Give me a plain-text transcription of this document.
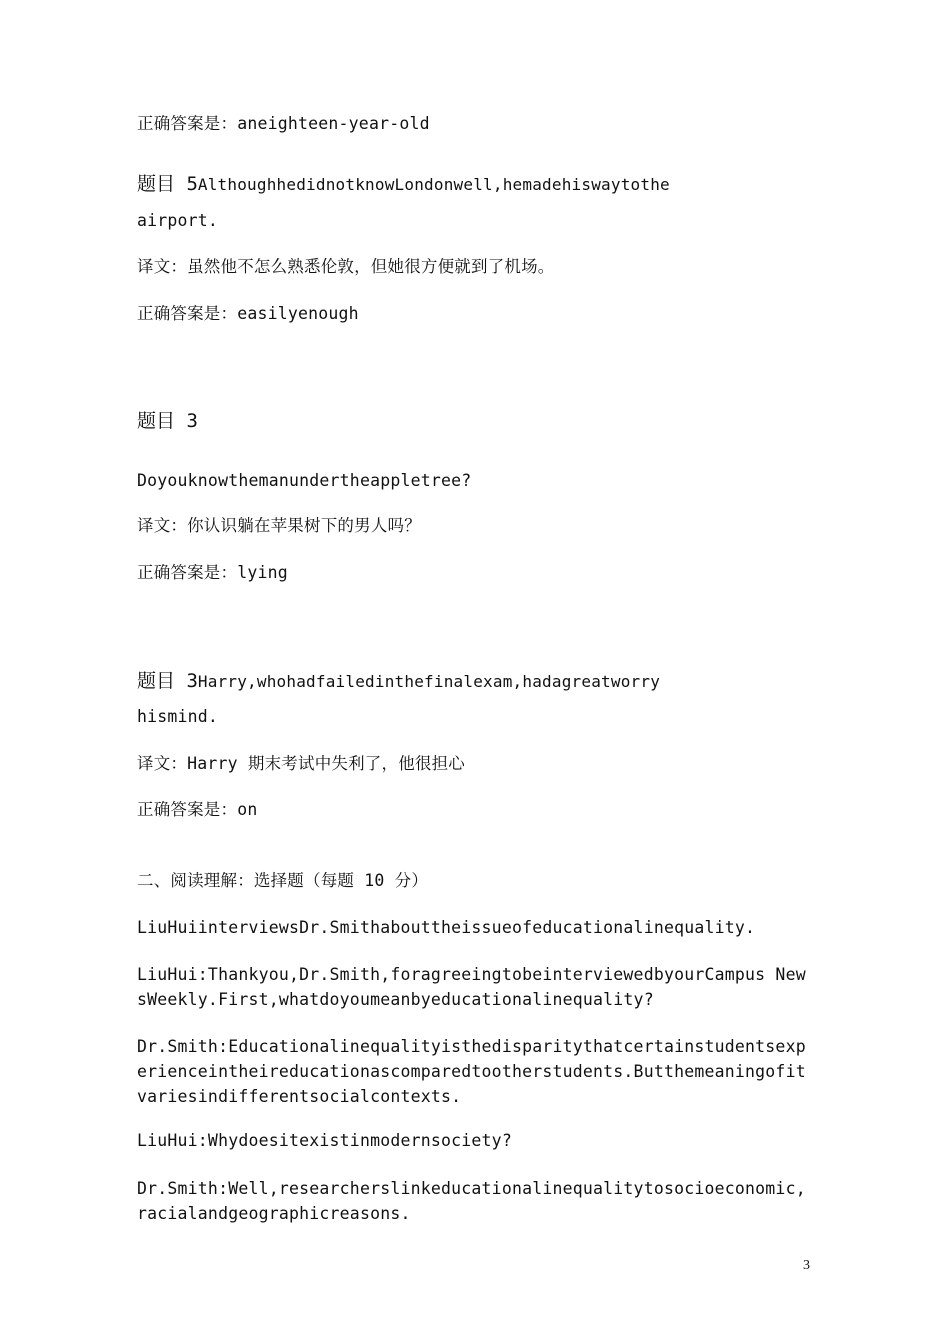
正确答案是：aneighteen-year-old

题目 5AlthoughhedidnotknowLondonwell,hemadehiswaytothe

airport.

译文：虽然他不怎么熟悉伦敦，但她很方便就到了机场。

正确答案是：easilyenough

题目 3

Doyouknowthemanundertheappletree?

译文：你认识躺在苹果树下的男人吗？

正确答案是：lying

题目 3Harry,whohadfailedinthefinalexam,hadagreatworry

hismind.

译文：Harry 期末考试中失利了，他很担心

正确答案是：on

二、阅读理解：选择题（每题 10 分）

LiuHuiinterviewsDr.Smithabouttheissueofeducationalinequality.

LiuHui:Thankyou,Dr.Smith,foragreeingtobeinterviewedbyourCampus NewsWeekly.First,whatdoyoumeanbyeducationalinequality?

Dr.Smith:Educationalinequalityisthedisparitythatcertainstudentsexperienceintheireducationascomparedtootherstudents.Butthemeaningofitvariesindifferentsocialcontexts.

LiuHui:Whydoesitexistinmodernsociety?

Dr.Smith:Well,researcherslinkeducationalinequalitytosocioeconomic,racialandgeographicreasons.

3
